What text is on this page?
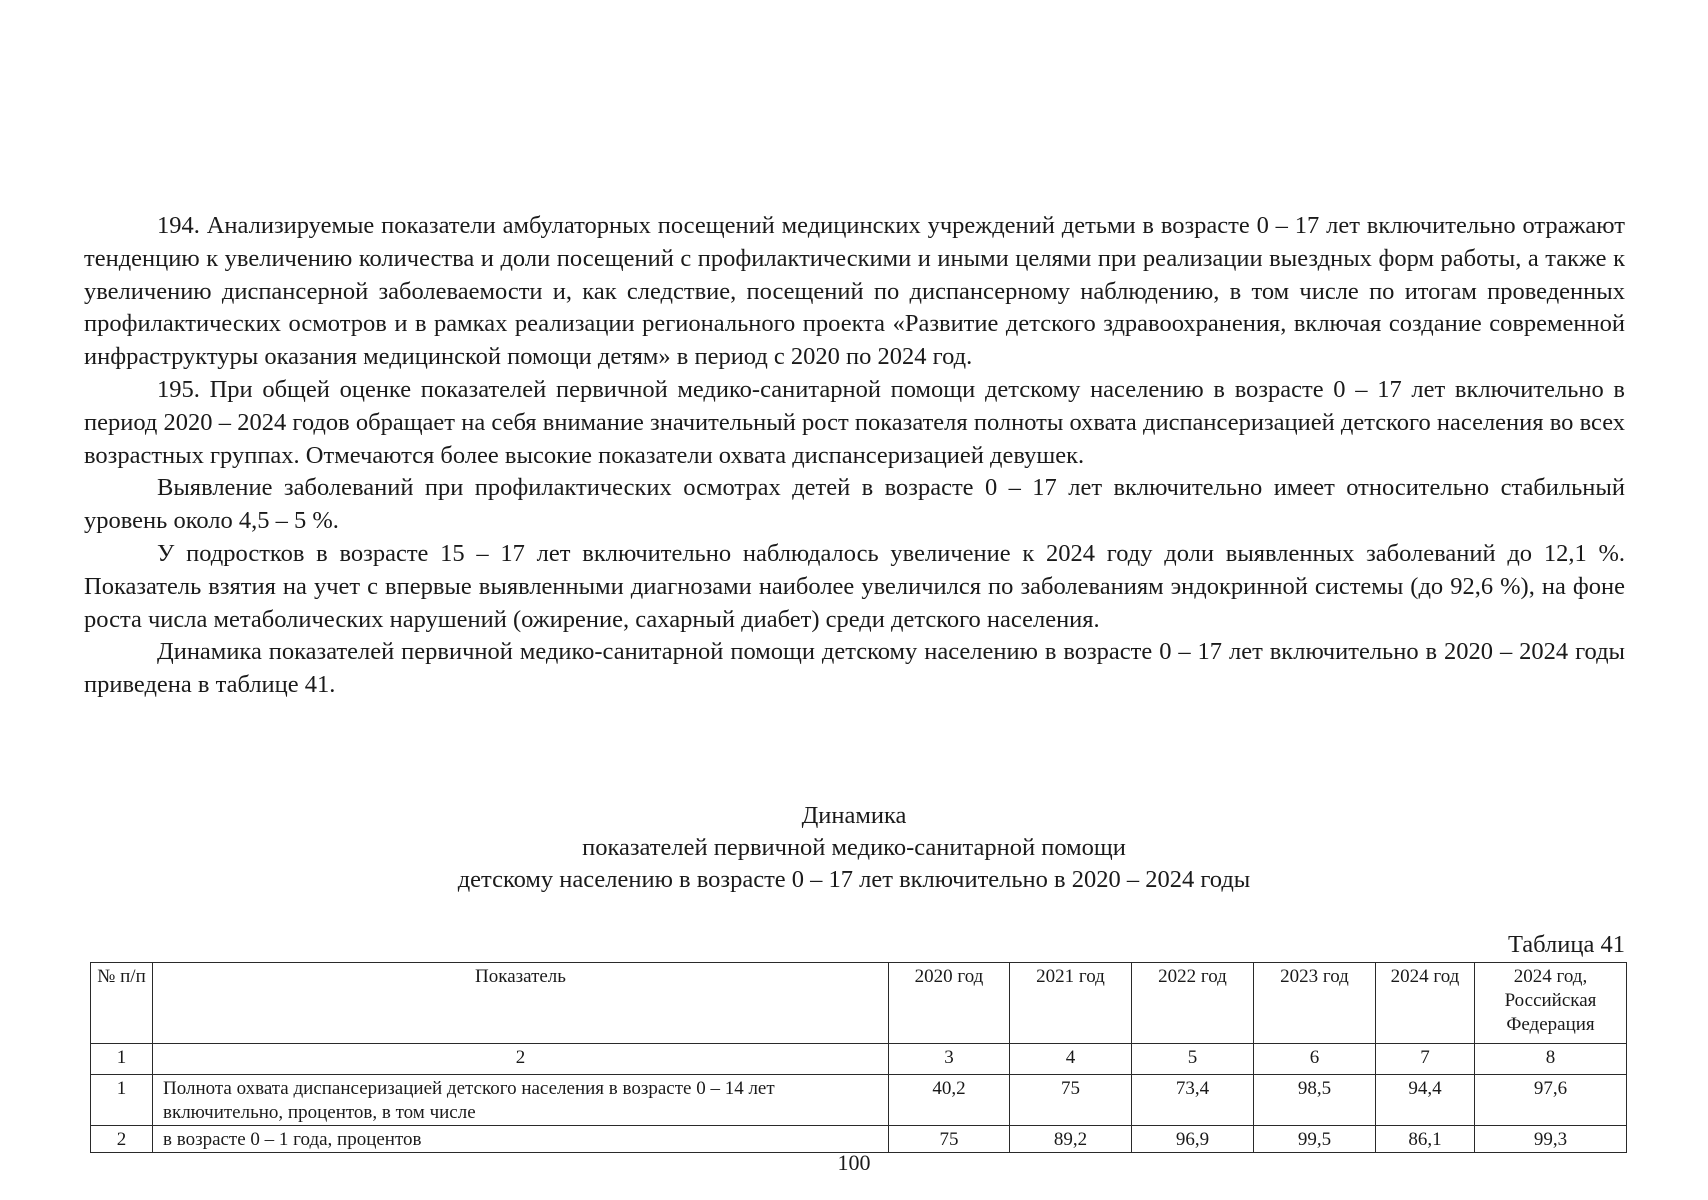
194. Анализируемые показатели амбулаторных посещений медицинских учреждений детьми в возрасте 0 – 17 лет включительно отражают тенденцию к увеличению количества и доли посещений с профилактическими и иными целями при реализации выездных форм работы, а также к увеличению диспансерной заболеваемости и, как следствие, посещений по диспансерному наблюдению, в том числе по итогам проведенных профилактических осмотров и в рамках реализации регионального проекта «Развитие детского здравоохранения, включая создание современной инфраструктуры оказания медицинской помощи детям» в период с 2020 по 2024 год.

195. При общей оценке показателей первичной медико-санитарной помощи детскому населению в возрасте 0 – 17 лет включительно в период 2020 – 2024 годов обращает на себя внимание значительный рост показателя полноты охвата диспансеризацией детского населения во всех возрастных группах. Отмечаются более высокие показатели охвата диспансеризацией девушек.

Выявление заболеваний при профилактических осмотрах детей в возрасте 0 – 17 лет включительно имеет относительно стабильный уровень около 4,5 – 5 %.

У подростков в возрасте 15 – 17 лет включительно наблюдалось увеличение к 2024 году доли выявленных заболеваний до 12,1 %. Показатель взятия на учет с впервые выявленными диагнозами наиболее увеличился по заболеваниям эндокринной системы (до 92,6 %), на фоне роста числа метаболических нарушений (ожирение, сахарный диабет) среди детского населения.

Динамика показателей первичной медико-санитарной помощи детскому населению в возрасте 0 – 17 лет включительно в 2020 – 2024 годы приведена в таблице 41.

Динамика
показателей первичной медико-санитарной помощи
детскому населению в возрасте 0 – 17 лет включительно в 2020 – 2024 годы
Таблица 41
№ п/п	Показатель	2020 год	2021 год	2022 год	2023 год	2024 год	2024 год, Российская Федерация
1	2	3	4	5	6	7	8
1	Полнота охвата диспансеризацией детского населения в возрасте 0 – 14 лет включительно, процентов, в том числе	40,2	75	73,4	98,5	94,4	97,6
2	в возрасте 0 – 1 года, процентов	75	89,2	96,9	99,5	86,1	99,3
100
